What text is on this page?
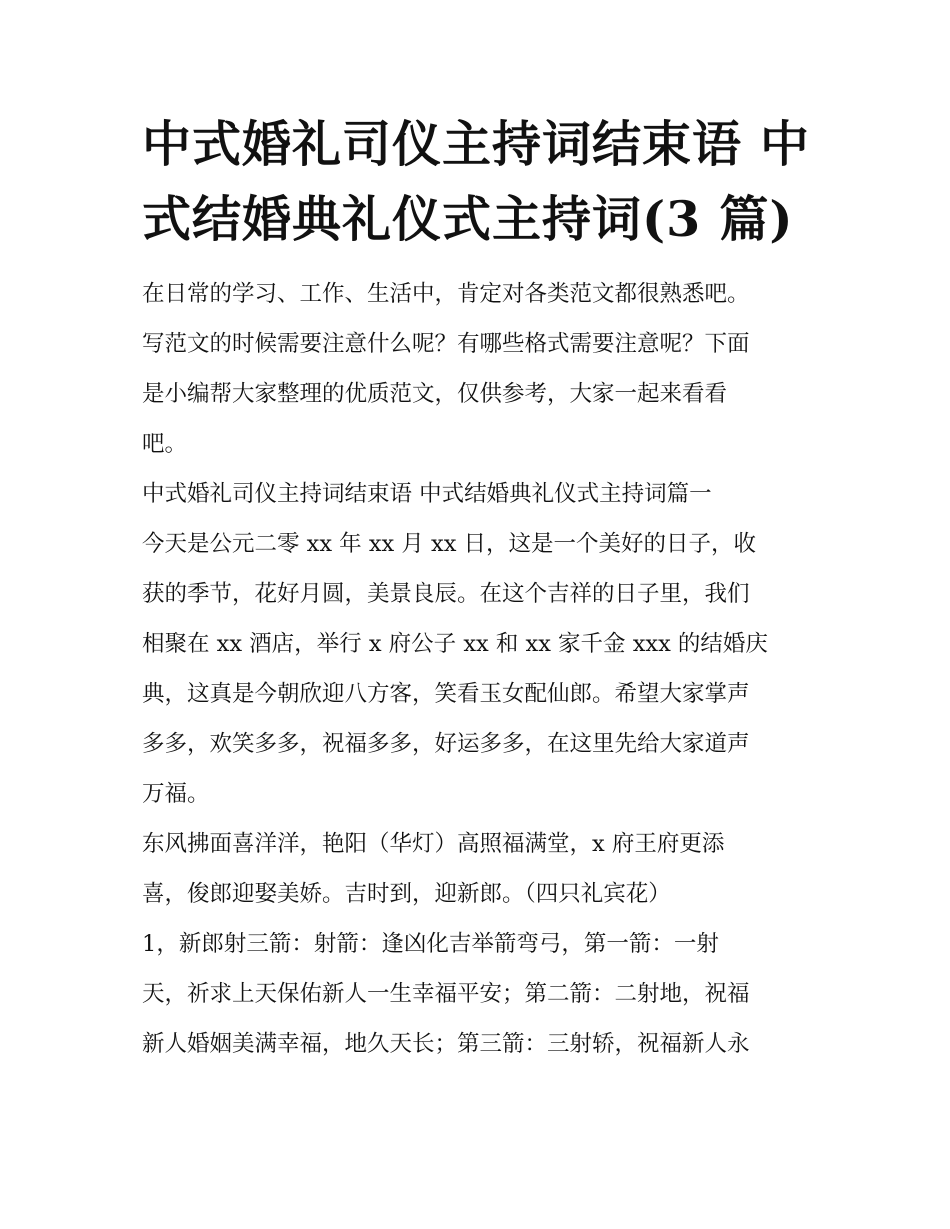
中式婚礼司仪主持词结束语 中
式结婚典礼仪式主持词(3 篇)
在日常的学习、工作、生活中，肯定对各类范文都很熟悉吧。
写范文的时候需要注意什么呢？有哪些格式需要注意呢？下面
是小编帮大家整理的优质范文，仅供参考，大家一起来看看
吧。
中式婚礼司仪主持词结束语 中式结婚典礼仪式主持词篇一
今天是公元二零 xx 年 xx 月 xx 日，这是一个美好的日子，收
获的季节，花好月圆，美景良辰。在这个吉祥的日子里，我们
相聚在 xx 酒店，举行 x 府公子 xx 和 xx 家千金 xxx 的结婚庆
典，这真是今朝欣迎八方客，笑看玉女配仙郎。希望大家掌声
多多，欢笑多多，祝福多多，好运多多，在这里先给大家道声
万福。
东风拂面喜洋洋，艳阳（华灯）高照福满堂，x 府王府更添
喜，俊郎迎娶美娇。吉时到，迎新郎。（四只礼宾花）
1，新郎射三箭：射箭：逢凶化吉举箭弯弓，第一箭：一射
天，祈求上天保佑新人一生幸福平安；第二箭：二射地，祝福
新人婚姻美满幸福，地久天长；第三箭：三射轿，祝福新人永
